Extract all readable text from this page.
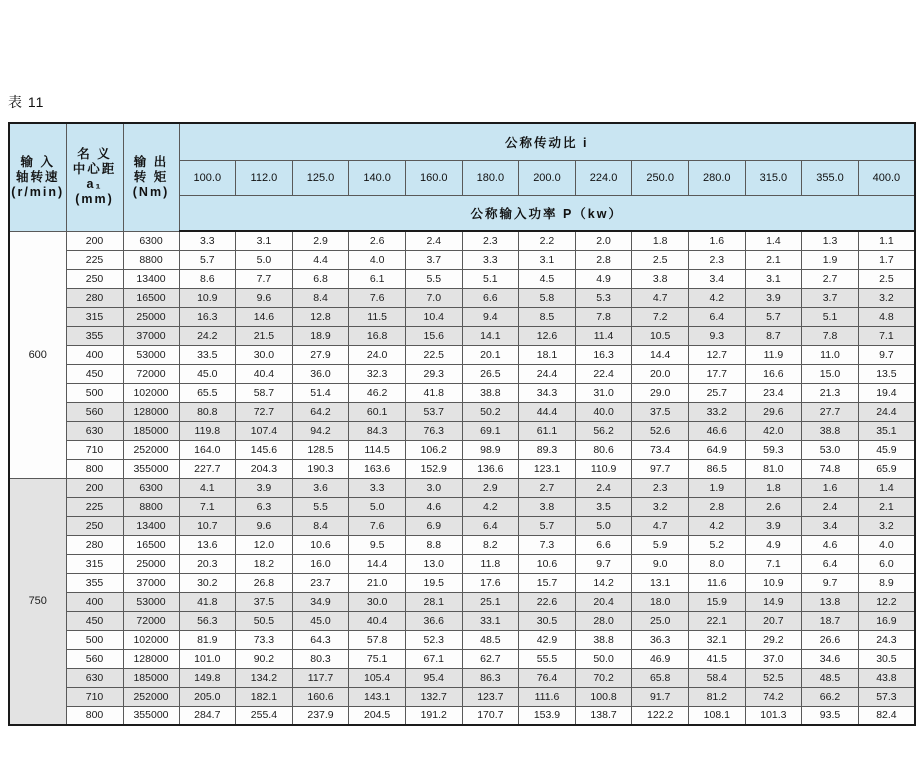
表 11
输 入
轴转速
(r/min)	名 义
中心距
a₁
(mm)	输 出
转 矩
(Nm)	公称传动比 i												
			100.0	112.0	125.0	140.0	160.0	180.0	200.0	224.0	250.0	280.0	315.0	355.0	400.0
			公称输入功率 P（kw）												
600	200	6300	3.3	3.1	2.9	2.6	2.4	2.3	2.2	2.0	1.8	1.6	1.4	1.3	1.1
	225	8800	5.7	5.0	4.4	4.0	3.7	3.3	3.1	2.8	2.5	2.3	2.1	1.9	1.7
	250	13400	8.6	7.7	6.8	6.1	5.5	5.1	4.5	4.9	3.8	3.4	3.1	2.7	2.5
	280	16500	10.9	9.6	8.4	7.6	7.0	6.6	5.8	5.3	4.7	4.2	3.9	3.7	3.2
	315	25000	16.3	14.6	12.8	11.5	10.4	9.4	8.5	7.8	7.2	6.4	5.7	5.1	4.8
	355	37000	24.2	21.5	18.9	16.8	15.6	14.1	12.6	11.4	10.5	9.3	8.7	7.8	7.1
	400	53000	33.5	30.0	27.9	24.0	22.5	20.1	18.1	16.3	14.4	12.7	11.9	11.0	9.7
	450	72000	45.0	40.4	36.0	32.3	29.3	26.5	24.4	22.4	20.0	17.7	16.6	15.0	13.5
	500	102000	65.5	58.7	51.4	46.2	41.8	38.8	34.3	31.0	29.0	25.7	23.4	21.3	19.4
	560	128000	80.8	72.7	64.2	60.1	53.7	50.2	44.4	40.0	37.5	33.2	29.6	27.7	24.4
	630	185000	119.8	107.4	94.2	84.3	76.3	69.1	61.1	56.2	52.6	46.6	42.0	38.8	35.1
	710	252000	164.0	145.6	128.5	114.5	106.2	98.9	89.3	80.6	73.4	64.9	59.3	53.0	45.9
	800	355000	227.7	204.3	190.3	163.6	152.9	136.6	123.1	110.9	97.7	86.5	81.0	74.8	65.9
750	200	6300	4.1	3.9	3.6	3.3	3.0	2.9	2.7	2.4	2.3	1.9	1.8	1.6	1.4
	225	8800	7.1	6.3	5.5	5.0	4.6	4.2	3.8	3.5	3.2	2.8	2.6	2.4	2.1
	250	13400	10.7	9.6	8.4	7.6	6.9	6.4	5.7	5.0	4.7	4.2	3.9	3.4	3.2
	280	16500	13.6	12.0	10.6	9.5	8.8	8.2	7.3	6.6	5.9	5.2	4.9	4.6	4.0
	315	25000	20.3	18.2	16.0	14.4	13.0	11.8	10.6	9.7	9.0	8.0	7.1	6.4	6.0
	355	37000	30.2	26.8	23.7	21.0	19.5	17.6	15.7	14.2	13.1	11.6	10.9	9.7	8.9
	400	53000	41.8	37.5	34.9	30.0	28.1	25.1	22.6	20.4	18.0	15.9	14.9	13.8	12.2
	450	72000	56.3	50.5	45.0	40.4	36.6	33.1	30.5	28.0	25.0	22.1	20.7	18.7	16.9
	500	102000	81.9	73.3	64.3	57.8	52.3	48.5	42.9	38.8	36.3	32.1	29.2	26.6	24.3
	560	128000	101.0	90.2	80.3	75.1	67.1	62.7	55.5	50.0	46.9	41.5	37.0	34.6	30.5
	630	185000	149.8	134.2	117.7	105.4	95.4	86.3	76.4	70.2	65.8	58.4	52.5	48.5	43.8
	710	252000	205.0	182.1	160.6	143.1	132.7	123.7	111.6	100.8	91.7	81.2	74.2	66.2	57.3
	800	355000	284.7	255.4	237.9	204.5	191.2	170.7	153.9	138.7	122.2	108.1	101.3	93.5	82.4
